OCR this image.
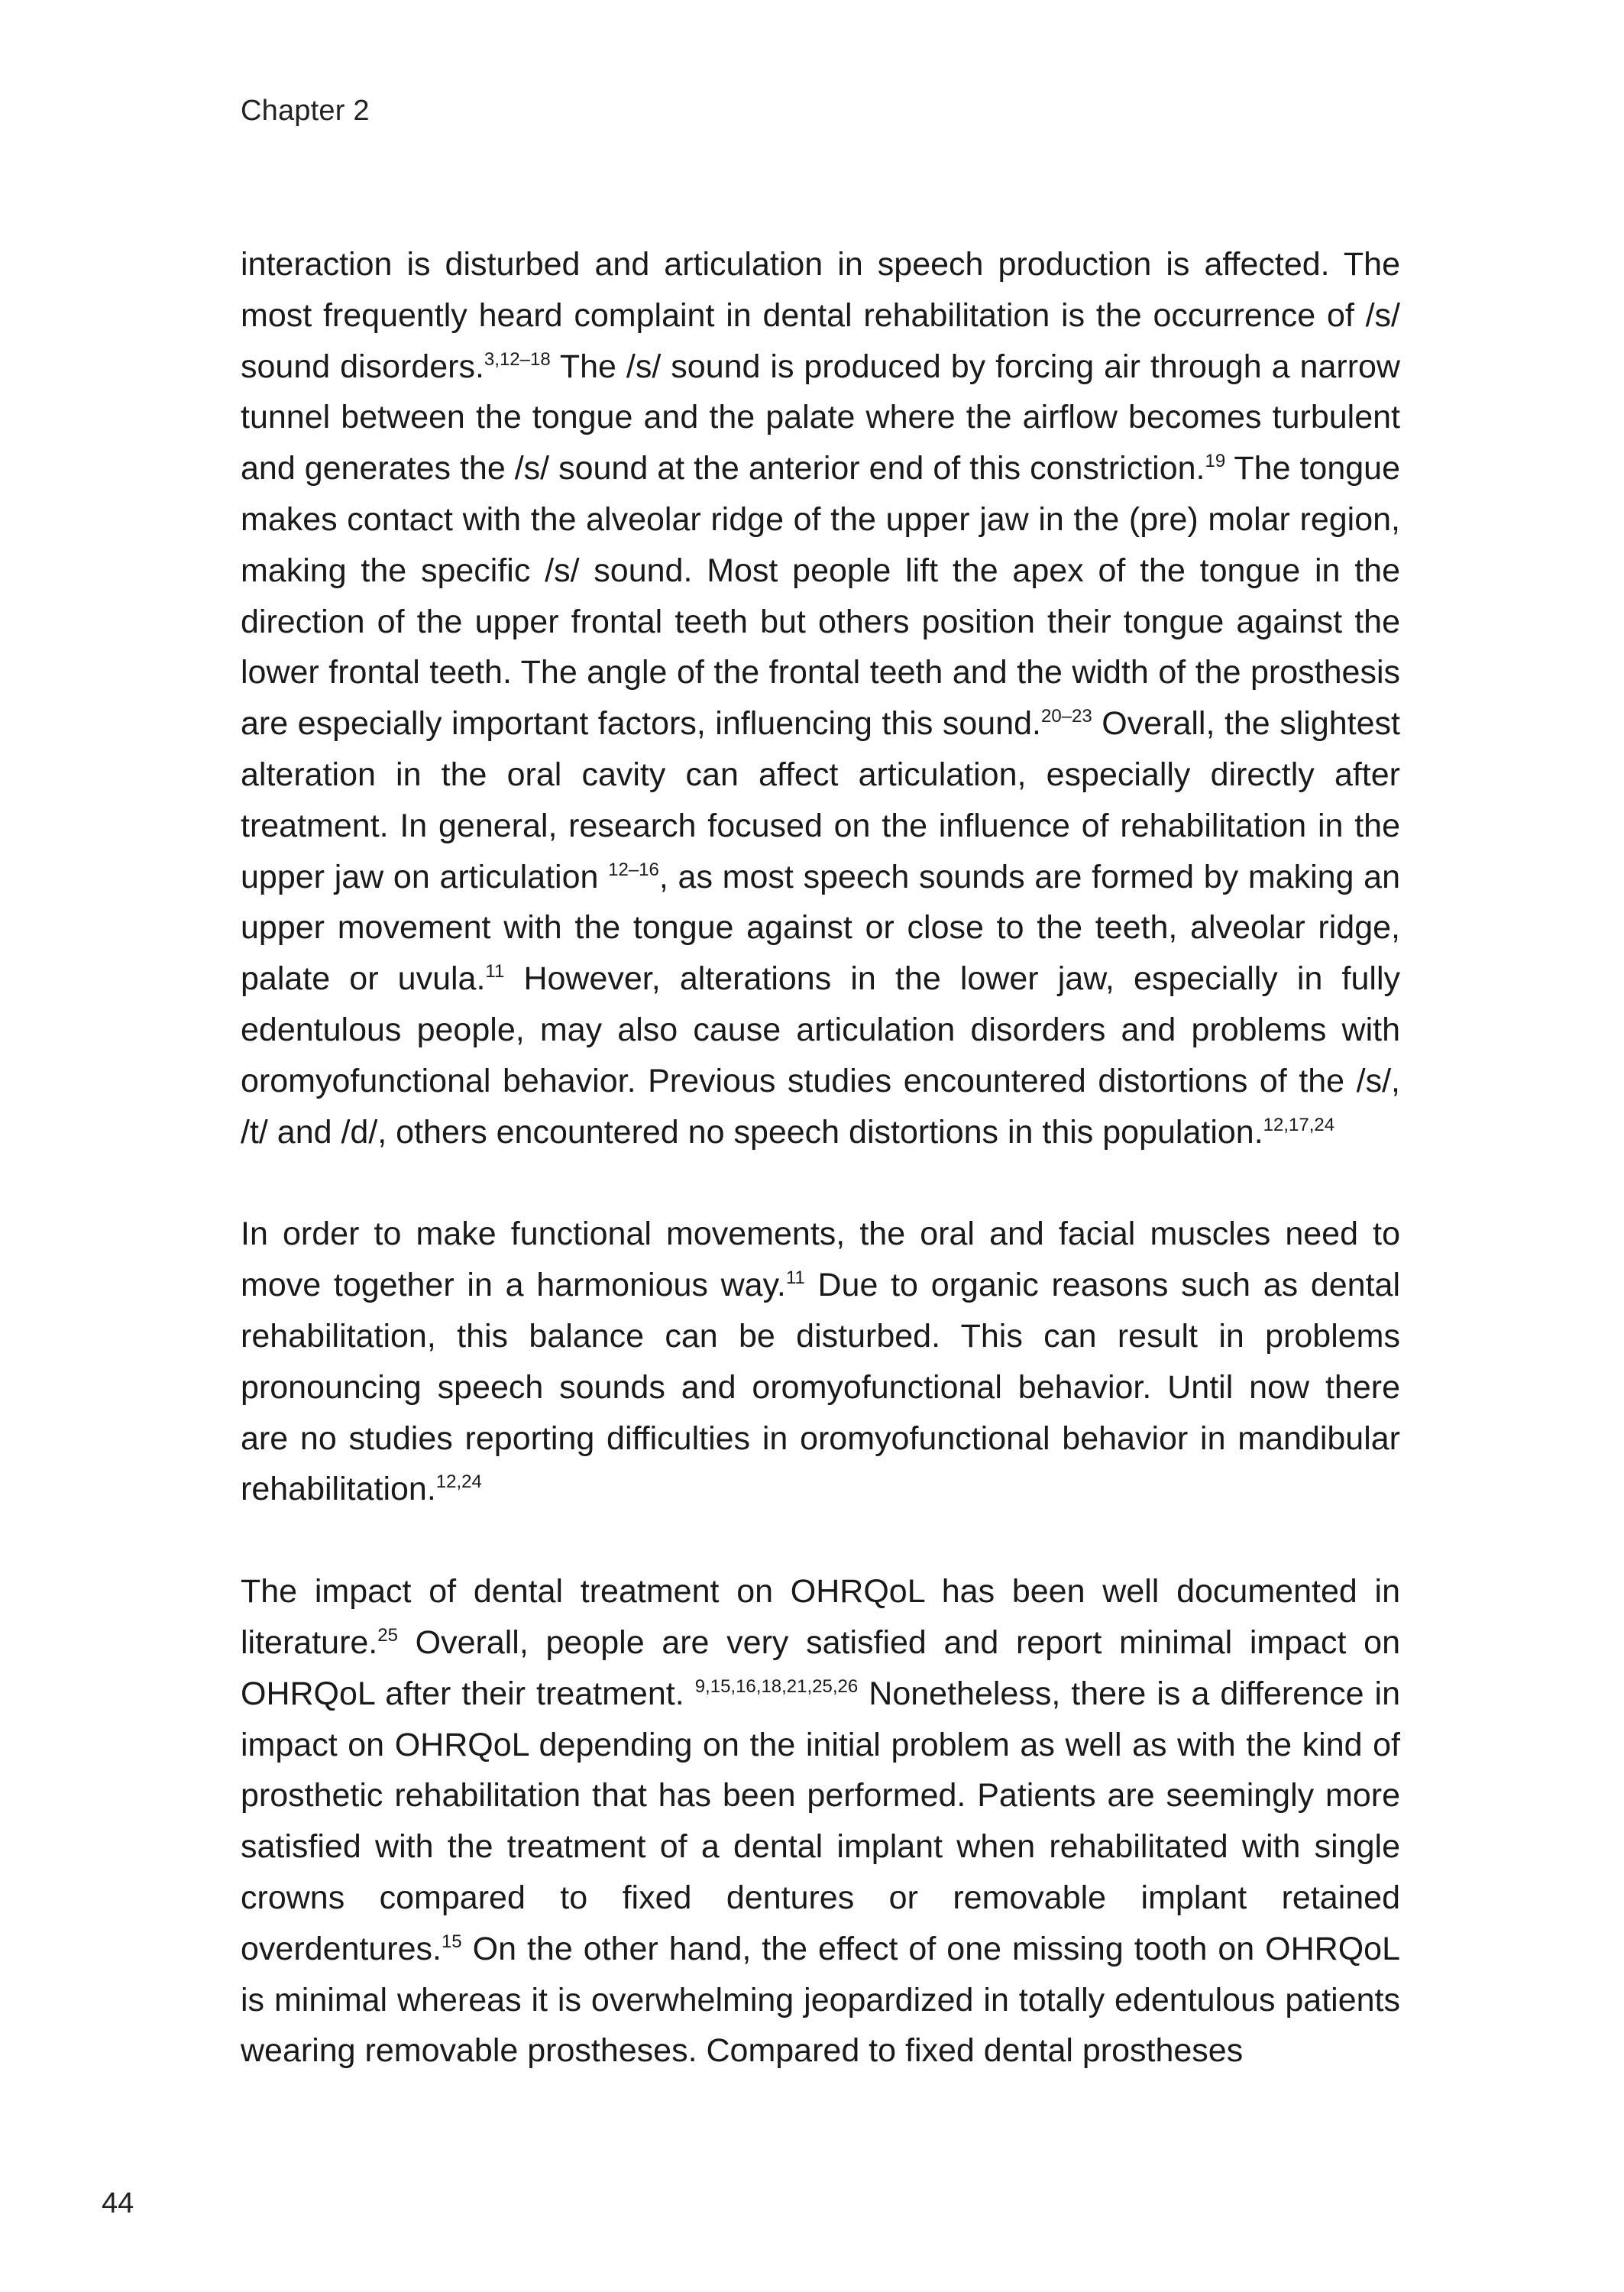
Chapter 2

interaction is disturbed and articulation in speech production is affected. The most frequently heard complaint in dental rehabilitation is the occurrence of /s/ sound disorders.$^{3,12-18}$ The /s/ sound is produced by forcing air through a narrow tunnel between the tongue and the palate where the airflow becomes turbulent and generates the /s/ sound at the anterior end of this constriction.$^{19}$ The tongue makes contact with the alveolar ridge of the upper jaw in the (pre) molar region, making the specific /s/ sound. Most people lift the apex of the tongue in the direction of the upper frontal teeth but others position their tongue against the lower frontal teeth. The angle of the frontal teeth and the width of the prosthesis are especially important factors, influencing this sound.$^{20-23}$ Overall, the slightest alteration in the oral cavity can affect articulation, especially directly after treatment. In general, research focused on the influence of rehabilitation in the upper jaw on articulation $^{12-16}$, as most speech sounds are formed by making an upper movement with the tongue against or close to the teeth, alveolar ridge, palate or uvula.$^{11}$ However, alterations in the lower jaw, especially in fully edentulous people, may also cause articulation disorders and problems with oromyofunctional behavior. Previous studies encountered distortions of the /s/, /t/ and /d/, others encountered no speech distortions in this population.$^{12,17,24}$

In order to make functional movements, the oral and facial muscles need to move together in a harmonious way.$^{11}$ Due to organic reasons such as dental rehabilitation, this balance can be disturbed. This can result in problems pronouncing speech sounds and oromyofunctional behavior. Until now there are no studies reporting difficulties in oromyofunctional behavior in mandibular rehabilitation.$^{12,24}$

The impact of dental treatment on OHRQoL has been well documented in literature.$^{25}$ Overall, people are very satisfied and report minimal impact on OHRQoL after their treatment. $^{9,15,16,18,21,25,26}$ Nonetheless, there is a difference in impact on OHRQoL depending on the initial problem as well as with the kind of prosthetic rehabilitation that has been performed. Patients are seemingly more satisfied with the treatment of a dental implant when rehabilitated with single crowns compared to fixed dentures or removable implant retained overdentures.$^{15}$ On the other hand, the effect of one missing tooth on OHRQoL is minimal whereas it is overwhelming jeopardized in totally edentulous patients wearing removable prostheses. Compared to fixed dental prostheses

44
